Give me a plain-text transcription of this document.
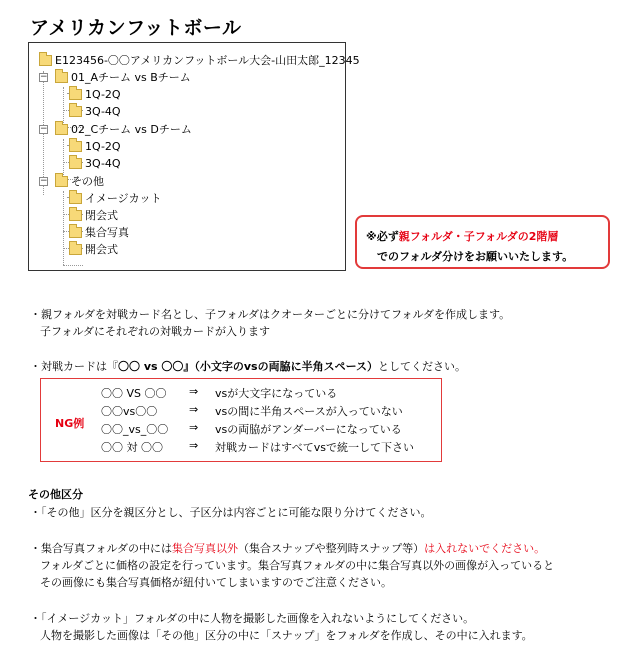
アメリカンフットボール
−
−
−
E123456-〇〇アメリカンフットボール大会-山田太郎_12345
01_Aチーム vs Bチーム
1Q-2Q
3Q-4Q
02_Cチーム vs Dチーム
1Q-2Q
3Q-4Q
その他
イメージカット
閉会式
集合写真
開会式
※必ず親フォルダ・子フォルダの2階層
でのフォルダ分けをお願いいたします。
・親フォルダを対戦カード名とし、子フォルダはクオーターごとに分けてフォルダを作成します。
子フォルダにそれぞれの対戦カードが入ります
・対戦カードは『〇〇 vs 〇〇』（小文字のvsの両脇に半角スペース）としてください。
NG例
〇〇 VS 〇〇 ⇒ vsが大文字になっている
〇〇vs〇〇	⇒ vsの間に半角スペースが入っていない
〇〇_vs_〇〇 ⇒ vsの両脇がアンダーバーになっている
〇〇 対 〇〇 ⇒ 対戦カードはすべてvsで統一して下さい
その他区分
・「その他」区分を親区分とし、子区分は内容ごとに可能な限り分けてください。
・集合写真フォルダの中には集合写真以外（集合スナップや整列時スナップ等）は入れないでください。
フォルダごとに価格の設定を行っています。集合写真フォルダの中に集合写真以外の画像が入っていると
その画像にも集合写真価格が紐付いてしまいますのでご注意ください。
・「イメージカット」フォルダの中に人物を撮影した画像を入れないようにしてください。
人物を撮影した画像は「その他」区分の中に「スナップ」をフォルダを作成し、その中に入れます。
